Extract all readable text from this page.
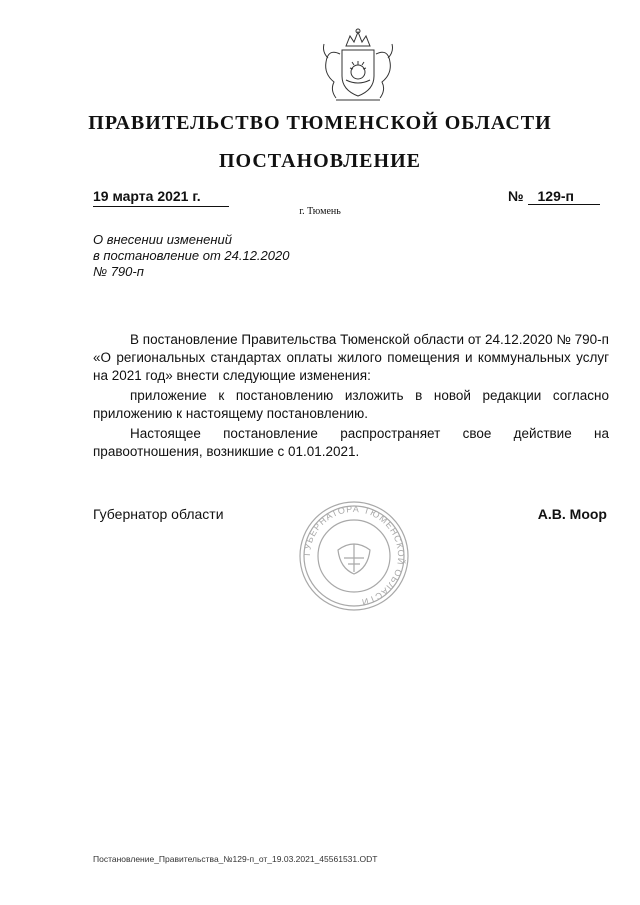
ПРАВИТЕЛЬСТВО ТЮМЕНСКОЙ ОБЛАСТИ
ПОСТАНОВЛЕНИЕ
19 марта 2021 г.	№ 129-п
г. Тюмень
О внесении изменений
в постановление от 24.12.2020
№ 790-п
В постановление Правительства Тюменской области от 24.12.2020 № 790-п «О региональных стандартах оплаты жилого помещения и коммунальных услуг на 2021 год» внести следующие изменения:
приложение к постановлению изложить в новой редакции согласно приложению к настоящему постановлению.
Настоящее постановление распространяет свое действие на правоотношения, возникшие с 01.01.2021.
ГУБЕРНАТОРА ТЮМЕНСКОЙ ОБЛАСТИ
Губернатор области	А.В. Моор
Постановление_Правительства_№129-п_от_19.03.2021_45561531.ODT
